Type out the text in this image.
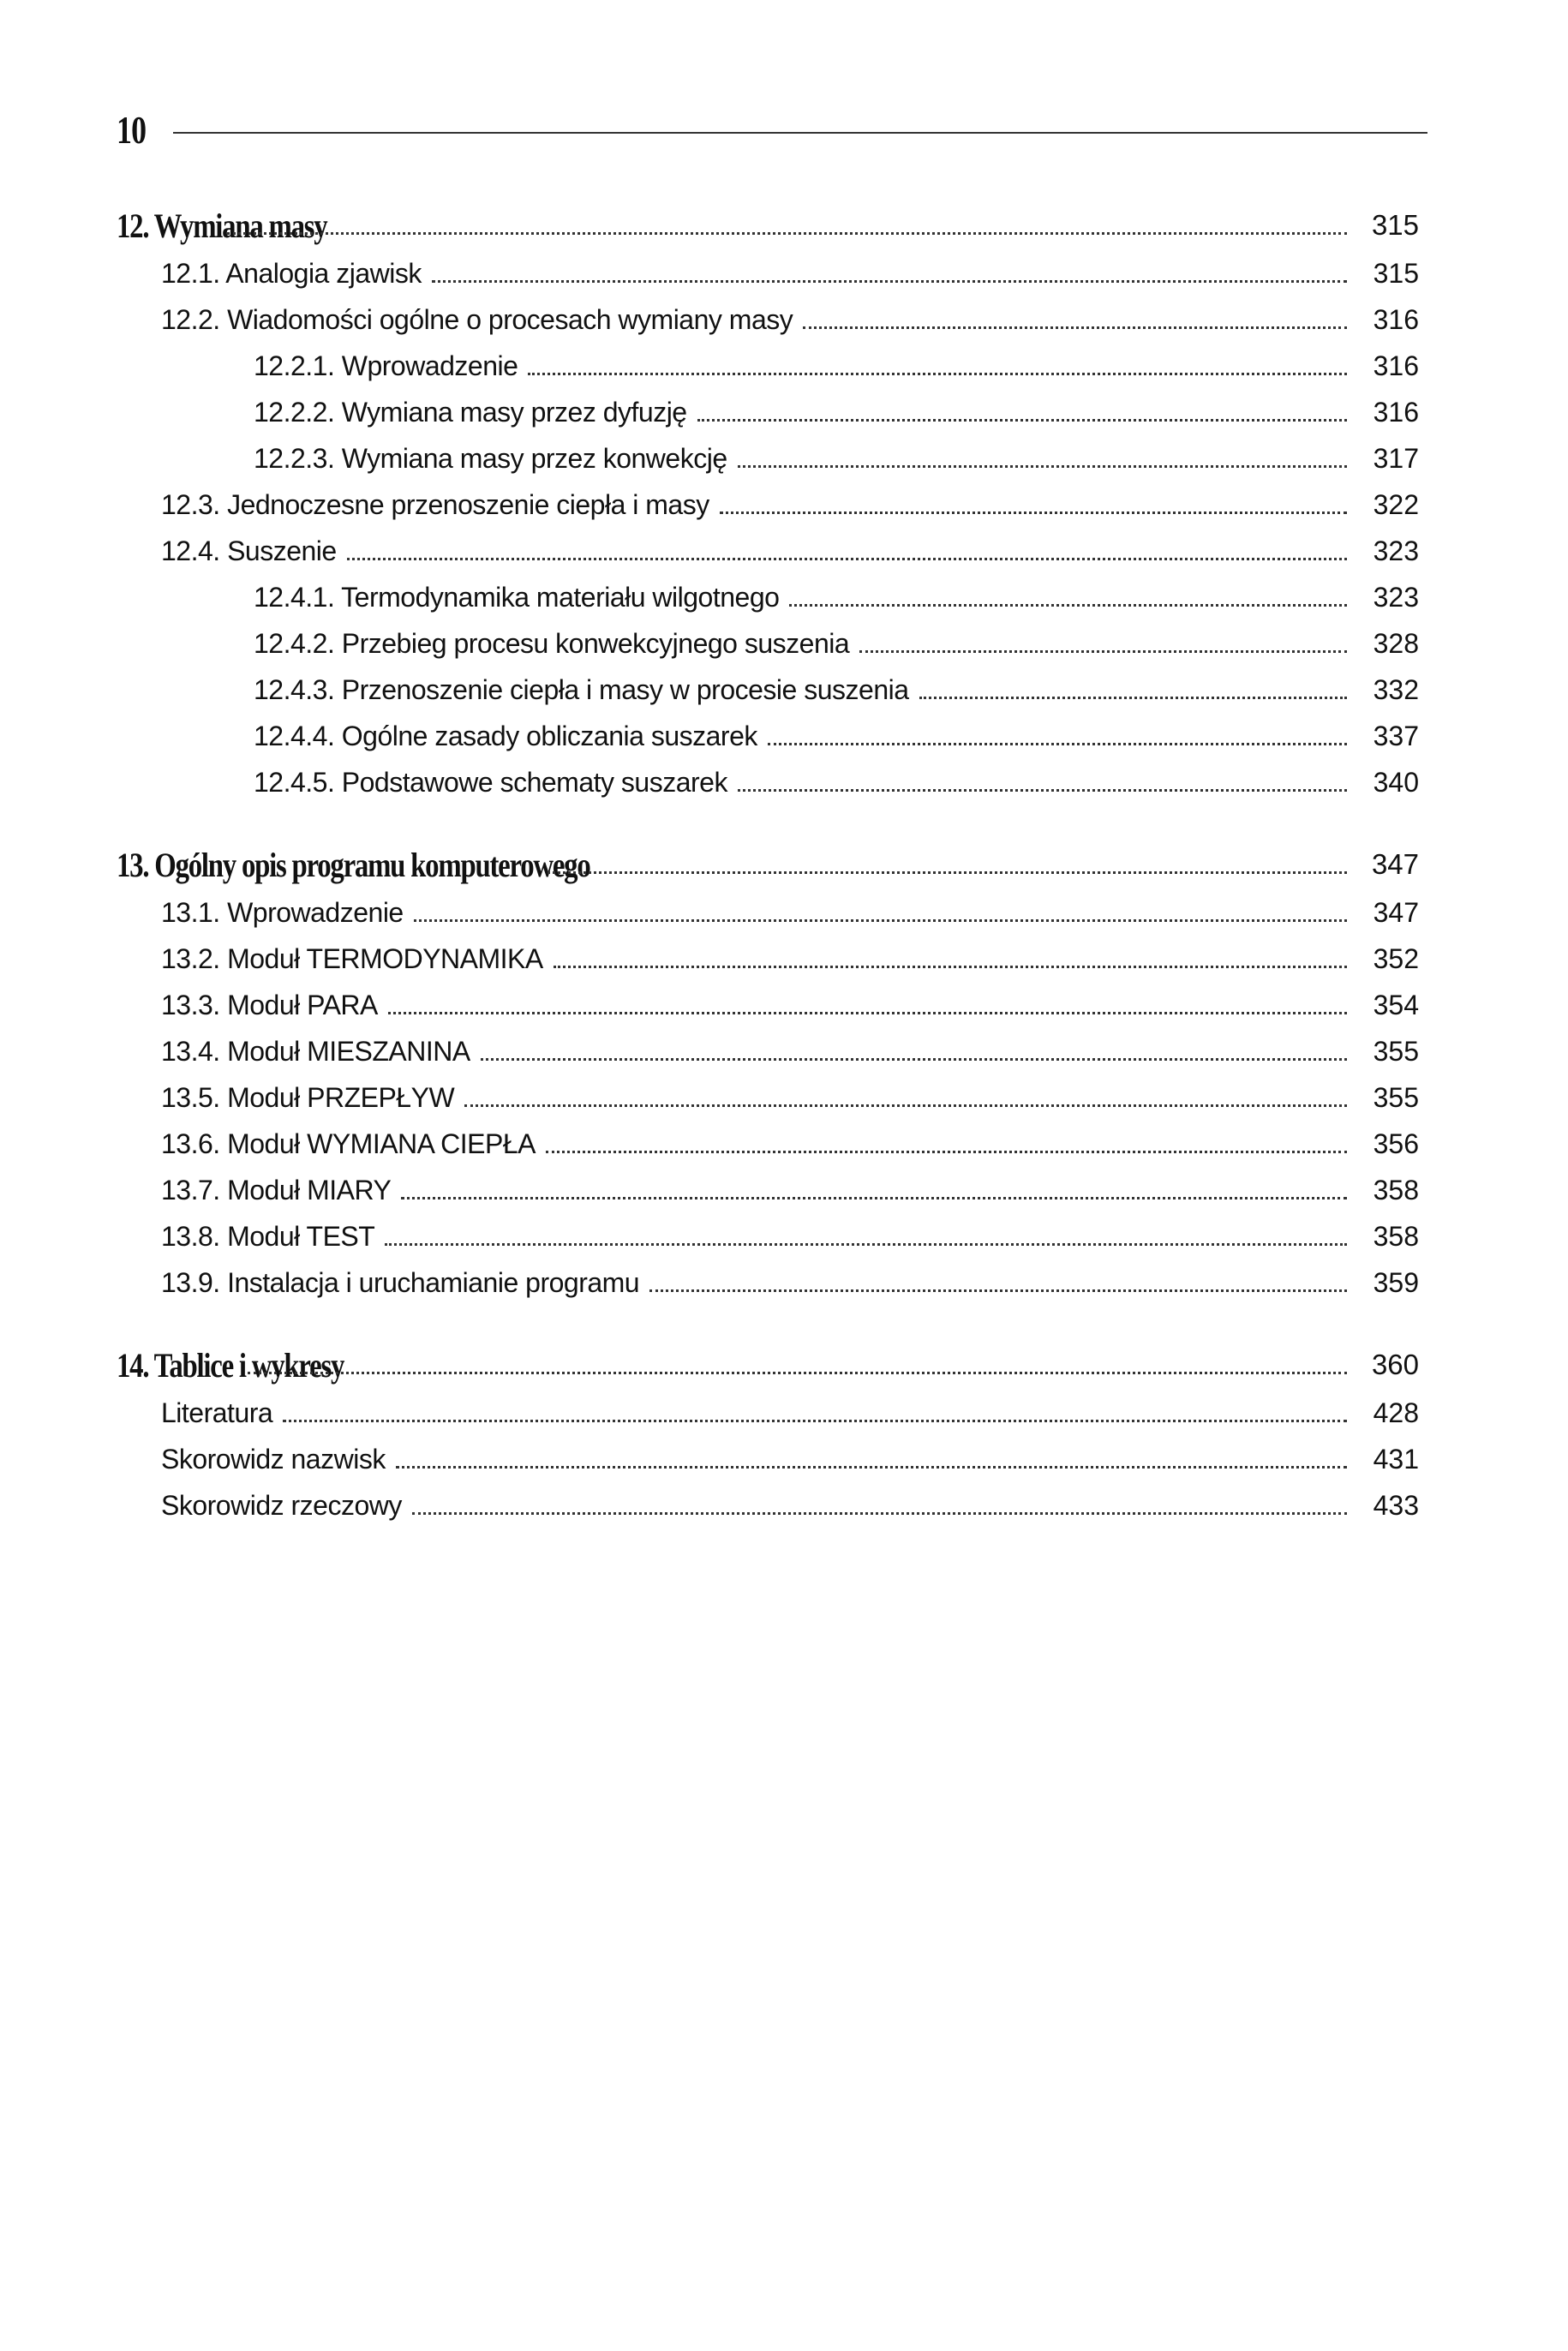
10
12. Wymiana masy	315
12.1. Analogia zjawisk	315
12.2. Wiadomości ogólne o procesach wymiany masy	316
12.2.1. Wprowadzenie	316
12.2.2. Wymiana masy przez dyfuzję	316
12.2.3. Wymiana masy przez konwekcję	317
12.3. Jednoczesne przenoszenie ciepła i masy	322
12.4. Suszenie	323
12.4.1. Termodynamika materiału wilgotnego	323
12.4.2. Przebieg procesu konwekcyjnego suszenia	328
12.4.3. Przenoszenie ciepła i masy w procesie suszenia	332
12.4.4. Ogólne zasady obliczania suszarek	337
12.4.5. Podstawowe schematy suszarek	340
13. Ogólny opis programu komputerowego	347
13.1. Wprowadzenie	347
13.2. Moduł TERMODYNAMIKA	352
13.3. Moduł PARA	354
13.4. Moduł MIESZANINA	355
13.5. Moduł PRZEPŁYW	355
13.6. Moduł WYMIANA CIEPŁA	356
13.7. Moduł MIARY	358
13.8. Moduł TEST	358
13.9. Instalacja i uruchamianie programu	359
14. Tablice i wykresy	360
Literatura	428
Skorowidz nazwisk	431
Skorowidz rzeczowy	433
